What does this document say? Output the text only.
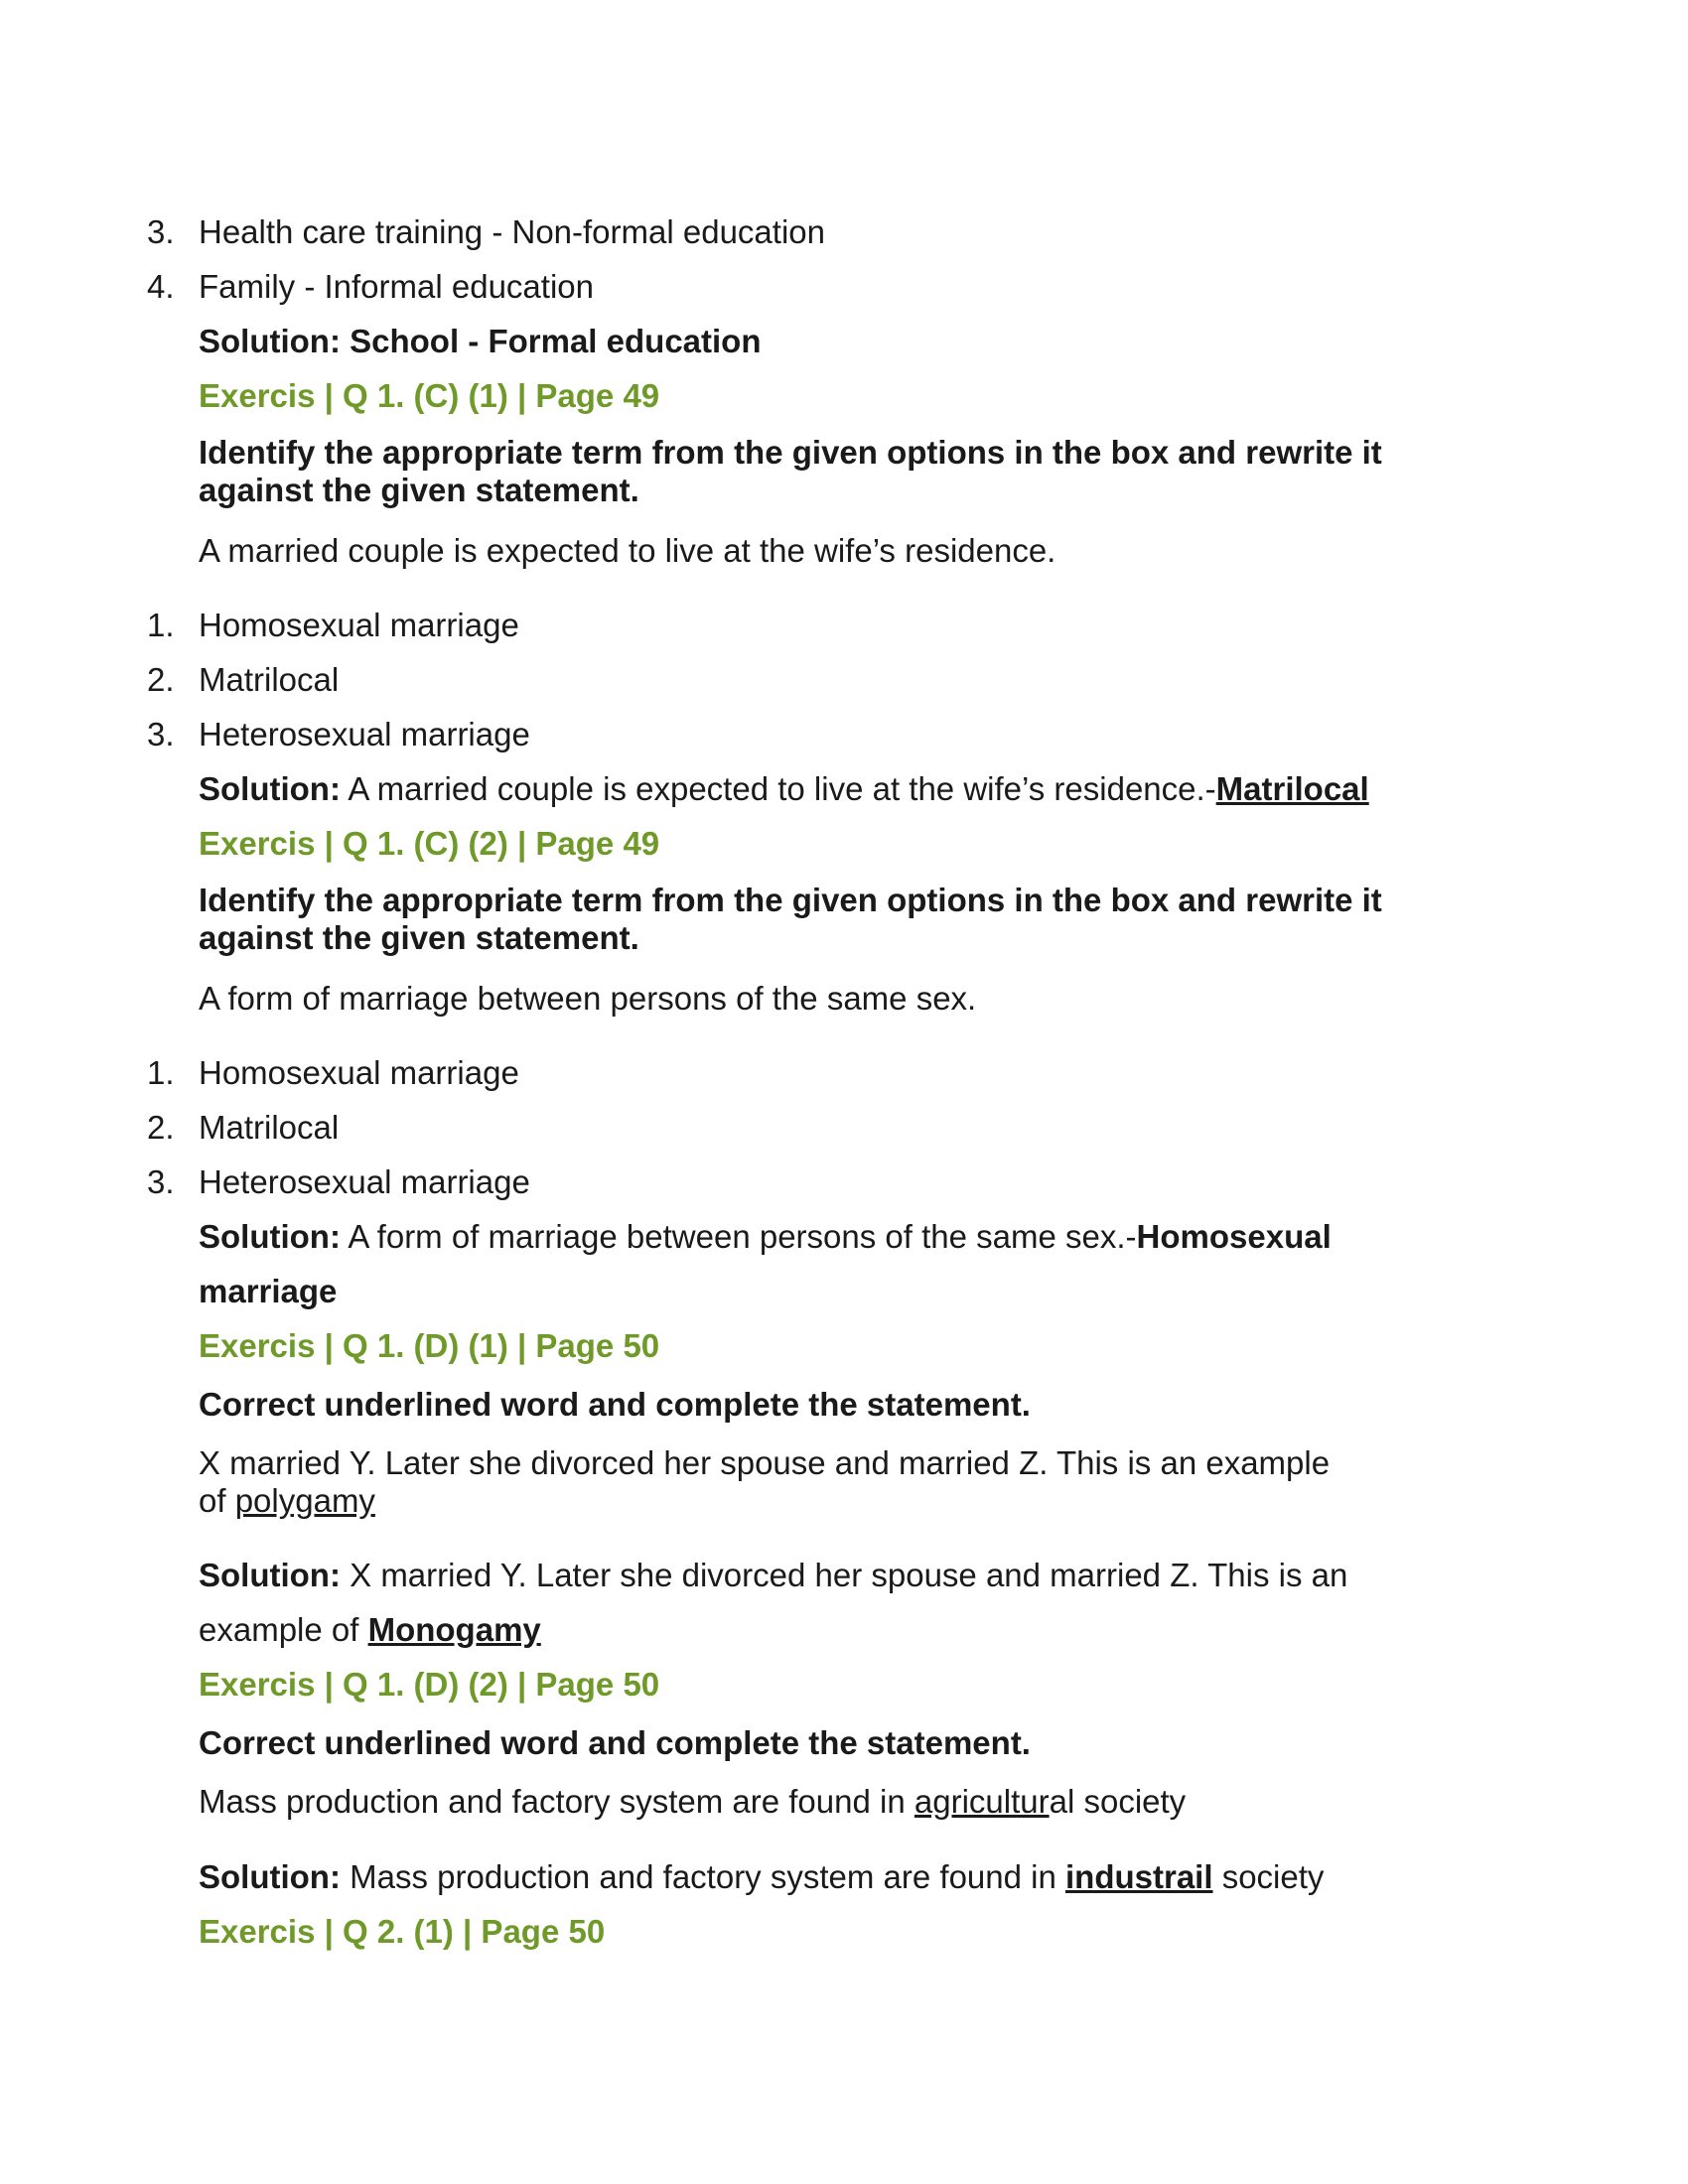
3. Health care training - Non-formal education
4. Family - Informal education
Solution: School - Formal education
Exercis | Q 1. (C) (1) | Page 49
Identify the appropriate term from the given options in the box and rewrite it against the given statement.
A married couple is expected to live at the wife’s residence.
1. Homosexual marriage
2. Matrilocal
3. Heterosexual marriage
Solution: A married couple is expected to live at the wife’s residence.-Matrilocal
Exercis | Q 1. (C) (2) | Page 49
Identify the appropriate term from the given options in the box and rewrite it against the given statement.
A form of marriage between persons of the same sex.
1. Homosexual marriage
2. Matrilocal
3. Heterosexual marriage
Solution: A form of marriage between persons of the same sex.-Homosexual
marriage
Exercis | Q 1. (D) (1) | Page 50
Correct underlined word and complete the statement.
X married Y. Later she divorced her spouse and married Z. This is an example
of polygamy
Solution: X married Y. Later she divorced her spouse and married Z. This is an
example of Monogamy
Exercis | Q 1. (D) (2) | Page 50
Correct underlined word and complete the statement.
Mass production and factory system are found in agricultural society
Solution: Mass production and factory system are found in industrail society
Exercis | Q 2. (1) | Page 50
